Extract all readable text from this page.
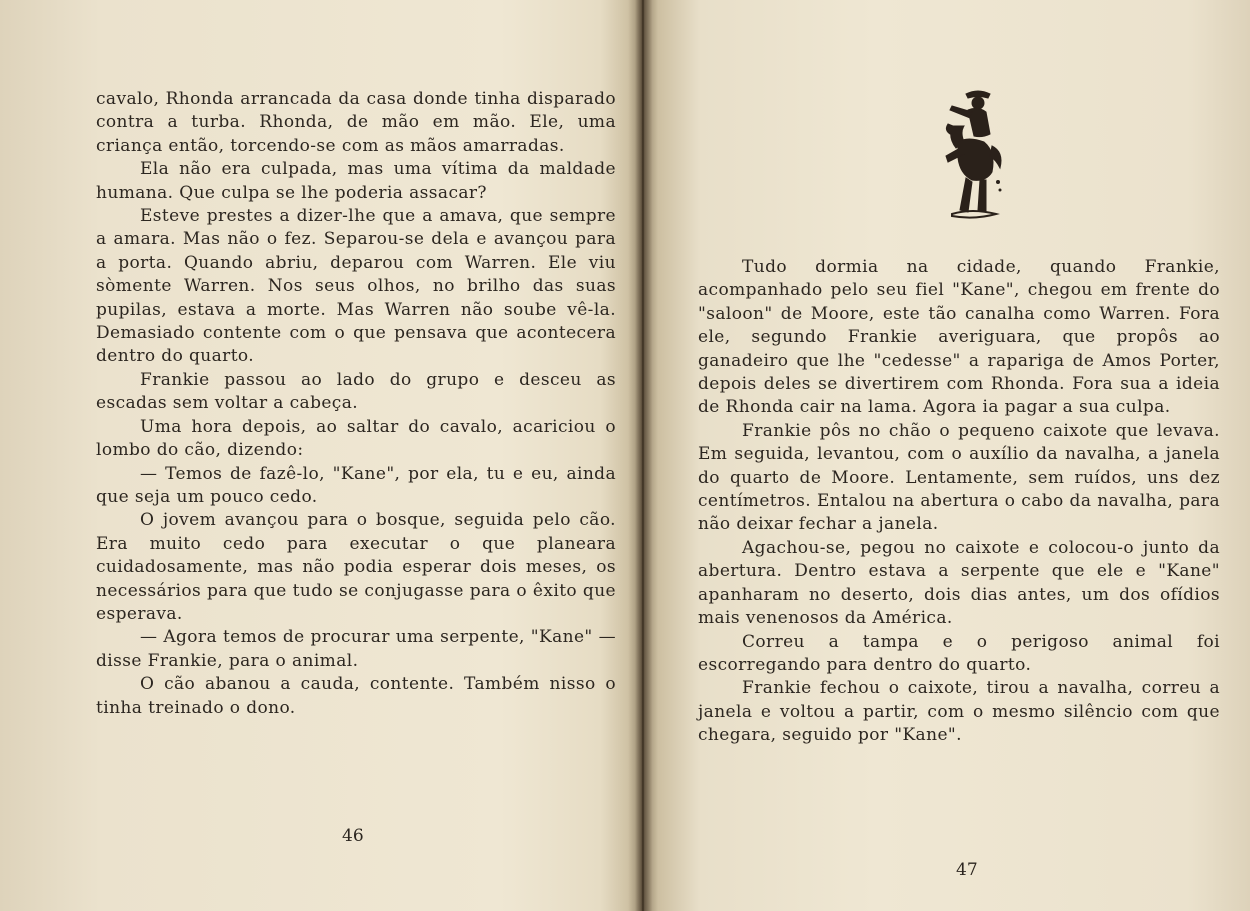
cavalo, Rhonda arrancada da casa donde tinha disparado contra a turba. Rhonda, de mão em mão. Ele, uma criança então, torcendo-se com as mãos amarradas.

Ela não era culpada, mas uma vítima da maldade humana. Que culpa se lhe poderia assacar?

Esteve prestes a dizer-lhe que a amava, que sempre a amara. Mas não o fez. Separou-se dela e avançou para a porta. Quando abriu, deparou com Warren. Ele viu sòmente Warren. Nos seus olhos, no brilho das suas pupilas, estava a morte. Mas Warren não soube vê-la. Demasiado contente com o que pensava que acontecera dentro do quarto.

Frankie passou ao lado do grupo e desceu as escadas sem voltar a cabeça.

Uma hora depois, ao saltar do cavalo, acariciou o lombo do cão, dizendo:

— Temos de fazê-lo, "Kane", por ela, tu e eu, ainda que seja um pouco cedo.

O jovem avançou para o bosque, seguida pelo cão. Era muito cedo para executar o que planeara cuidadosamente, mas não podia esperar dois meses, os necessários para que tudo se conjugasse para o êxito que esperava.

— Agora temos de procurar uma serpente, "Kane" — disse Frankie, para o animal.

O cão abanou a cauda, contente. Também nisso o tinha treinado o dono.

46

Tudo dormia na cidade, quando Frankie, acompanhado pelo seu fiel "Kane", chegou em frente do "saloon" de Moore, este tão canalha como Warren. Fora ele, segundo Frankie averiguara, que propôs ao ganadeiro que lhe "cedesse" a rapariga de Amos Porter, depois deles se divertirem com Rhonda. Fora sua a ideia de Rhonda cair na lama. Agora ia pagar a sua culpa.

Frankie pôs no chão o pequeno caixote que levava. Em seguida, levantou, com o auxílio da navalha, a janela do quarto de Moore. Lentamente, sem ruídos, uns dez centímetros. Entalou na abertura o cabo da navalha, para não deixar fechar a janela.

Agachou-se, pegou no caixote e colocou-o junto da abertura. Dentro estava a serpente que ele e "Kane" apanharam no deserto, dois dias antes, um dos ofídios mais venenosos da América.

Correu a tampa e o perigoso animal foi escorregando para dentro do quarto.

Frankie fechou o caixote, tirou a navalha, correu a janela e voltou a partir, com o mesmo silêncio com que chegara, seguido por "Kane".

47
